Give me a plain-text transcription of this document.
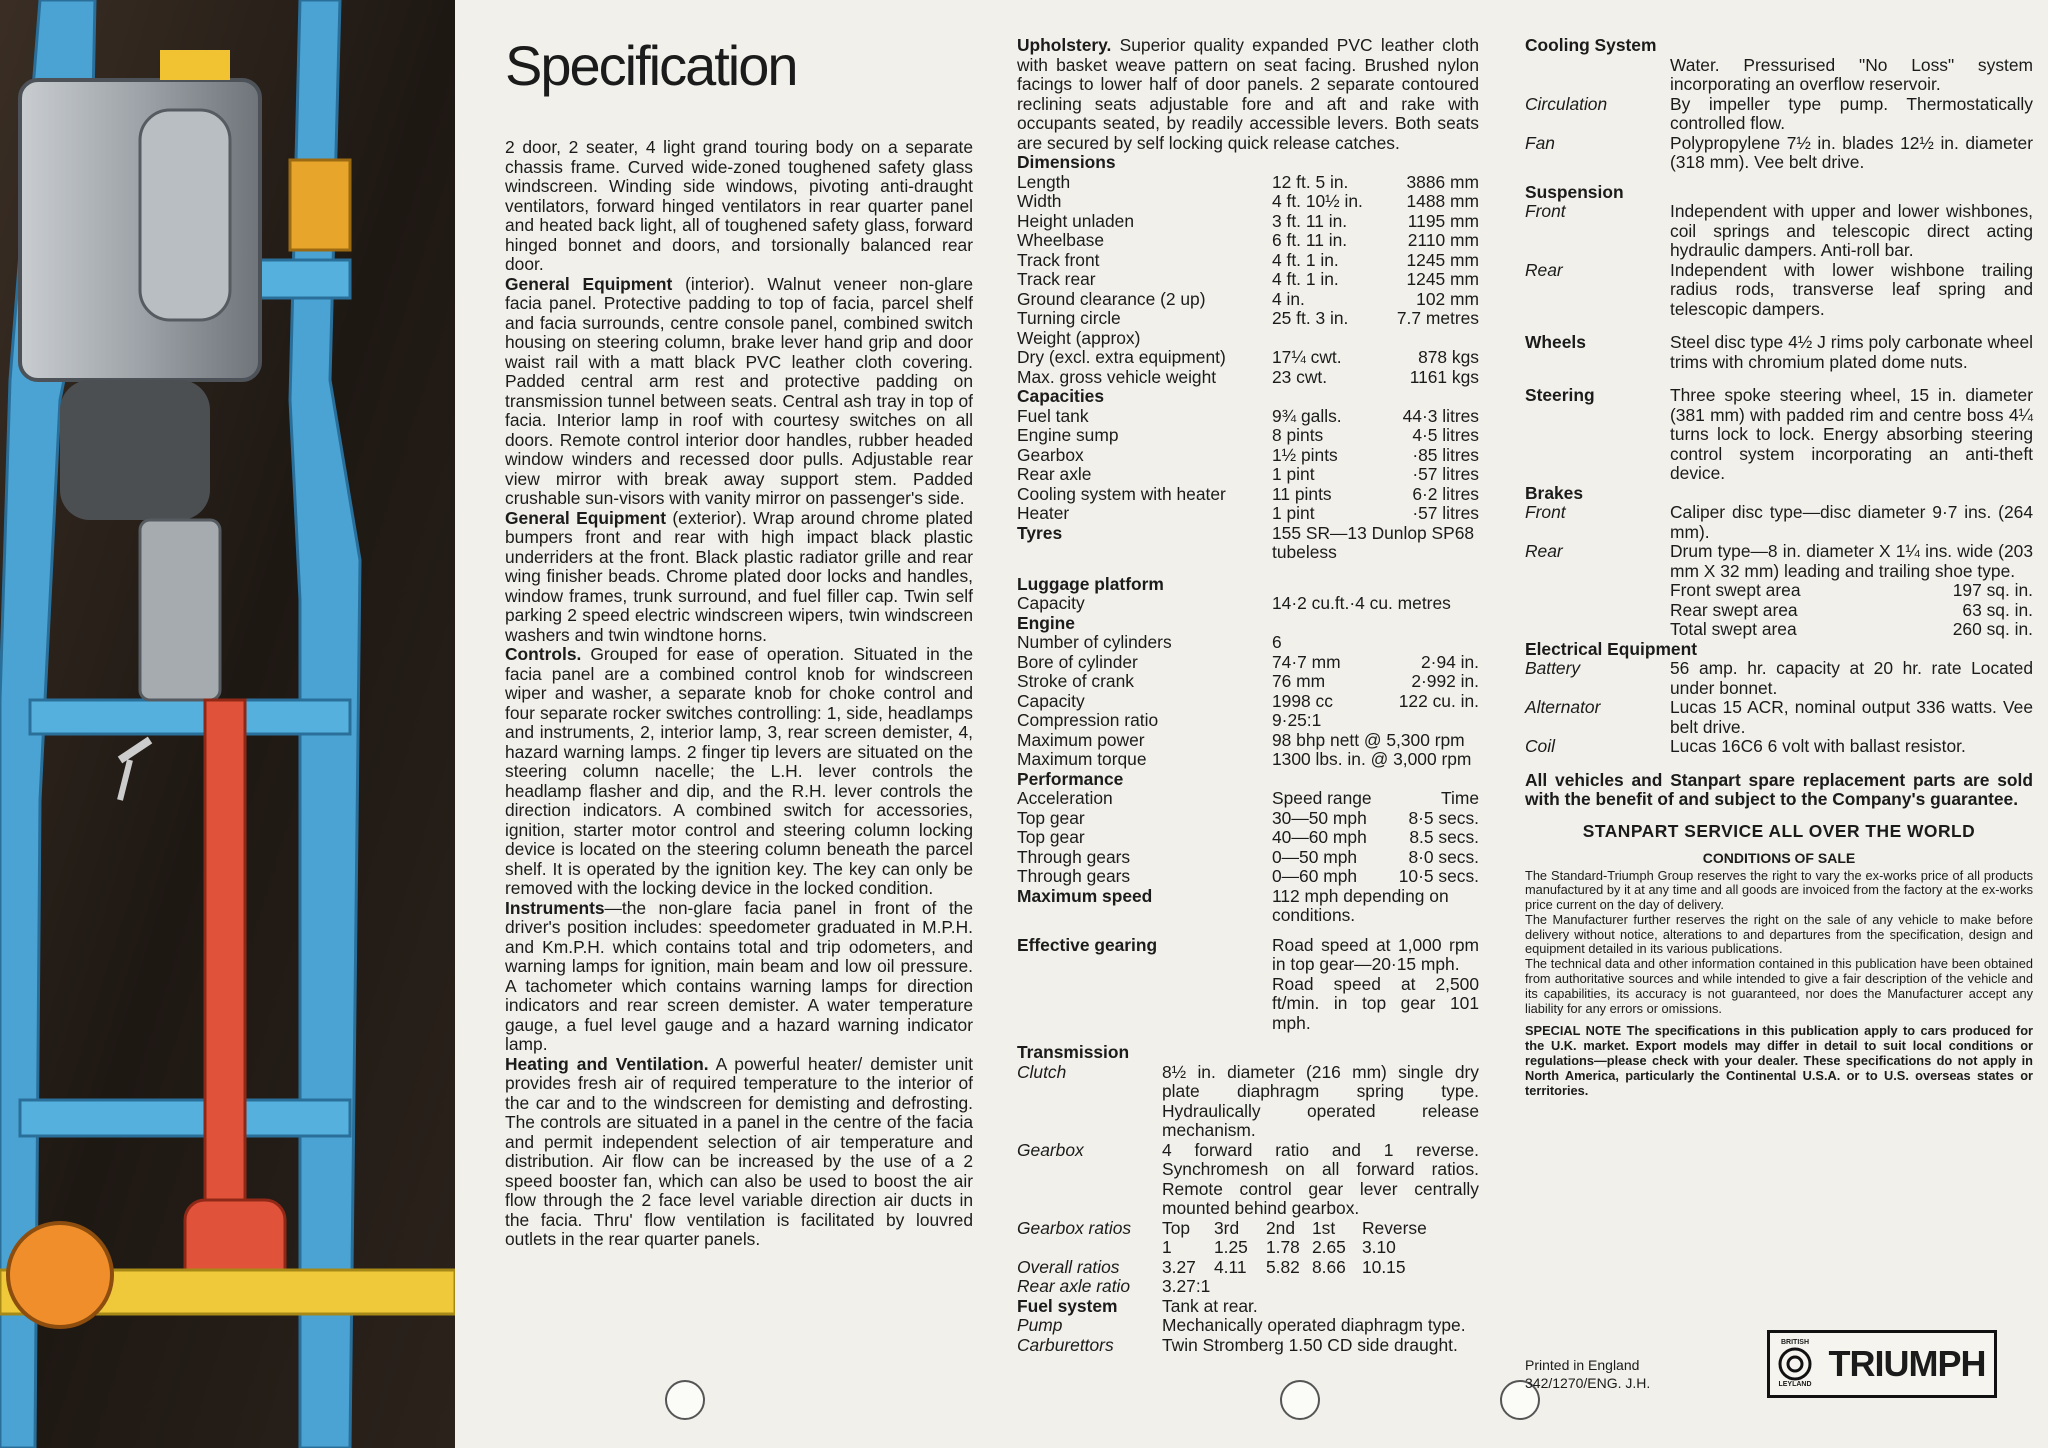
Specification

2 door, 2 seater, 4 light grand touring body on a separate chassis frame. Curved wide-zoned toughened safety glass windscreen. Winding side windows, pivoting anti-draught ventilators, forward hinged ventilators in rear quarter panel and heated back light, all of toughened safety glass, forward hinged bonnet and doors, and torsionally balanced rear door.

General Equipment (interior). Walnut veneer non-glare facia panel. Protective padding to top of facia, parcel shelf and facia surrounds, centre console panel, combined switch housing on steering column, brake lever hand grip and door waist rail with a matt black PVC leather cloth covering. Padded central arm rest and protective padding on transmission tunnel between seats. Central ash tray in top of facia. Interior lamp in roof with courtesy switches on all doors. Remote control interior door handles, rubber headed window winders and recessed door pulls. Adjustable rear view mirror with break away support stem. Padded crushable sun-visors with vanity mirror on passenger's side.

General Equipment (exterior). Wrap around chrome plated bumpers front and rear with high impact black plastic underriders at the front. Black plastic radiator grille and rear wing finisher beads. Chrome plated door locks and handles, window frames, trunk surround, and fuel filler cap. Twin self parking 2 speed electric windscreen wipers, twin windscreen washers and twin windtone horns.

Controls. Grouped for ease of operation. Situated in the facia panel are a combined control knob for windscreen wiper and washer, a separate knob for choke control and four separate rocker switches controlling: 1, side, headlamps and instruments, 2, interior lamp, 3, rear screen demister, 4, hazard warning lamps. 2 finger tip levers are situated on the steering column nacelle; the L.H. lever controls the headlamp flasher and dip, and the R.H. lever controls the direction indicators. A combined switch for accessories, ignition, starter motor control and steering column locking device is located on the steering column beneath the parcel shelf. It is operated by the ignition key. The key can only be removed with the locking device in the locked condition.

Instruments—the non-glare facia panel in front of the driver's position includes: speedometer graduated in M.P.H. and Km.P.H. which contains total and trip odometers, and warning lamps for ignition, main beam and low oil pressure. A tachometer which contains warning lamps for direction indicators and rear screen demister. A water temperature gauge, a fuel level gauge and a hazard warning indicator lamp.

Heating and Ventilation. A powerful heater/ demister unit provides fresh air of required temperature to the interior of the car and to the windscreen for demisting and defrosting. The controls are situated in a panel in the centre of the facia and permit independent selection of air temperature and distribution. Air flow can be increased by the use of a 2 speed booster fan, which can also be used to boost the air flow through the 2 face level variable direction air ducts in the facia. Thru' flow ventilation is facilitated by louvred outlets in the rear quarter panels.

Upholstery. Superior quality expanded PVC leather cloth with basket weave pattern on seat facing. Brushed nylon facings to lower half of door panels. 2 separate contoured reclining seats adjustable fore and aft and rake with occupants seated, by readily accessible levers. Both seats are secured by self locking quick release catches.

Dimensions
Length	12 ft. 5 in.	3886 mm
Width	4 ft. 10½ in.	1488 mm
Height unladen	3 ft. 11 in.	1195 mm
Wheelbase	6 ft. 11 in.	2110 mm
Track front	4 ft. 1 in.	1245 mm
Track rear	4 ft. 1 in.	1245 mm
Ground clearance (2 up)	4 in.	102 mm
Turning circle	25 ft. 3 in.	7.7 metres
Weight (approx)
Dry (excl. extra equipment)	17¼ cwt.	878 kgs
Max. gross vehicle weight	23 cwt.	1161 kgs
Capacities
Fuel tank	9¾ galls.	44·3 litres
Engine sump	8 pints	4·5 litres
Gearbox	1½ pints	·85 litres
Rear axle	1 pint	·57 litres
Cooling system with heater	11 pints	6·2 litres
Heater	1 pint	·57 litres
Tyres	155 SR—13 Dunlop SP68 tubeless
Luggage platform
Capacity	14·2 cu.ft.·4 cu. metres
Engine
Number of cylinders	6
Bore of cylinder	74·7 mm	2·94 in.
Stroke of crank	76 mm	2·992 in.
Capacity	1998 cc	122 cu. in.
Compression ratio	9·25:1
Maximum power	98 bhp nett @ 5,300 rpm
Maximum torque	1300 lbs. in. @ 3,000 rpm
Performance
Acceleration	Speed range	Time
Top gear	30—50 mph	8·5 secs.
Top gear	40—60 mph	8.5 secs.
Through gears	0—50 mph	8·0 secs.
Through gears	0—60 mph	10·5 secs.
Maximum speed	112 mph depending on conditions.
Effective gearing	Road speed at 1,000 rpm in top gear—20·15 mph.
Road speed at 2,500 ft/min. in top gear 101 mph.
Transmission
Clutch	8½ in. diameter (216 mm) single dry plate diaphragm spring type. Hydraulically operated release mechanism.
Gearbox	4 forward ratio and 1 reverse. Synchromesh on all forward ratios. Remote control gear lever centrally mounted behind gearbox.
Gearbox ratios	Top	3rd	2nd 1st	Reverse
1	1.25	1.78 2.65 3.10
Overall ratios	3.27	4.11	5.82 8.66 10.15
Rear axle ratio	3.27:1
Fuel system	Tank at rear.
Pump	Mechanically operated diaphragm type.
Carburettors	Twin Stromberg 1.50 CD side draught.
Cooling System
Water. Pressurised "No Loss" system incorporating an overflow reservoir.
Circulation	By impeller type pump. Thermostatically controlled flow.
Fan	Polypropylene 7½ in. blades 12½ in. diameter (318 mm). Vee belt drive.
Suspension
Front	Independent with upper and lower wishbones, coil springs and telescopic direct acting hydraulic dampers. Anti-roll bar.
Rear	Independent with lower wishbone trailing radius rods, transverse leaf spring and telescopic dampers.
Wheels	Steel disc type 4½ J rims poly carbonate wheel trims with chromium plated dome nuts.
Steering	Three spoke steering wheel, 15 in. diameter (381 mm) with padded rim and centre boss 4¼ turns lock to lock. Energy absorbing steering control system incorporating an anti-theft device.
Brakes
Front	Caliper disc type—disc diameter 9·7 ins. (264 mm).
Rear	Drum type—8 in. diameter X 1¼ ins. wide (203 mm X 32 mm) leading and trailing shoe type.
Front swept area	197 sq. in.
Rear swept area	63 sq. in.
Total swept area	260 sq. in.
Electrical Equipment
Battery	56 amp. hr. capacity at 20 hr. rate Located under bonnet.
Alternator	Lucas 15 ACR, nominal output 336 watts. Vee belt drive.
Coil	Lucas 16C6 6 volt with ballast resistor.

All vehicles and Stanpart spare replacement parts are sold with the benefit of and subject to the Company's guarantee.

STANPART SERVICE ALL OVER THE WORLD

CONDITIONS OF SALE

The Standard-Triumph Group reserves the right to vary the ex-works price of all products manufactured by it at any time and all goods are invoiced from the factory at the ex-works price current on the day of delivery.

The Manufacturer further reserves the right on the sale of any vehicle to make before delivery without notice, alterations to and departures from the specification, design and equipment detailed in its various publications.

The technical data and other information contained in this publication have been obtained from authoritative sources and while intended to give a fair description of the vehicle and its capabilities, its accuracy is not guaranteed, nor does the Manufacturer accept any liability for any errors or omissions.

SPECIAL NOTE The specifications in this publication apply to cars produced for the U.K. market. Export models may differ in detail to suit local conditions or regulations—please check with your dealer. These specifications do not apply in North America, particularly the Continental U.S.A. or to U.S. overseas states or territories.

Printed in England
342/1270/ENG. J.H.
BRITISH
LEYLAND
TRIUMPH
